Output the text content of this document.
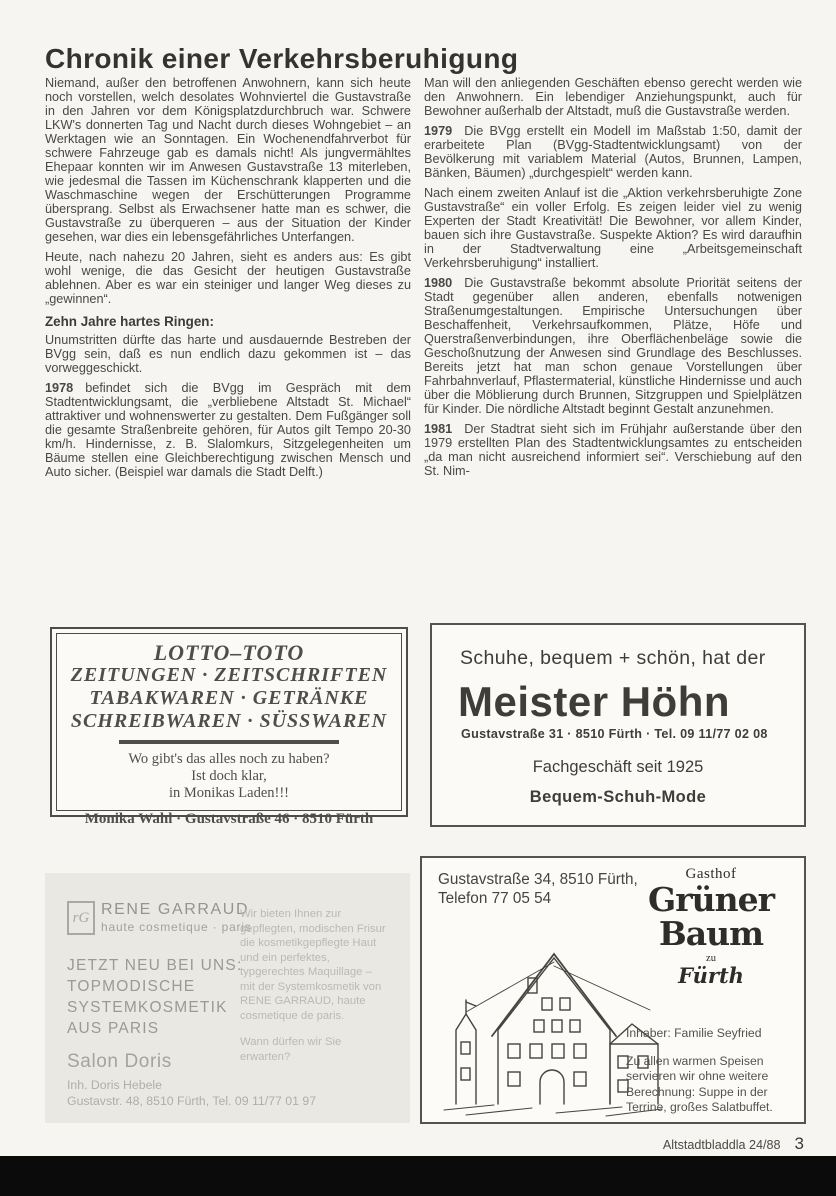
Chronik einer Verkehrsberuhigung

Niemand, außer den betroffenen Anwohnern, kann sich heute noch vorstellen, welch desolates Wohnviertel die Gustavstraße in den Jahren vor dem Königsplatzdurchbruch war. Schwere LKW's donnerten Tag und Nacht durch dieses Wohngebiet – an Werktagen wie an Sonntagen. Ein Wochenendfahrverbot für schwere Fahrzeuge gab es damals nicht! Als jungvermähltes Ehepaar konnten wir im Anwesen Gustavstraße 13 miterleben, wie jedesmal die Tassen im Küchenschrank klapperten und die Waschmaschine wegen der Erschütterungen Programme übersprang. Selbst als Erwachsener hatte man es schwer, die Gustavstraße zu überqueren – aus der Situation der Kinder gesehen, war dies ein lebensgefährliches Unterfangen.

Heute, nach nahezu 20 Jahren, sieht es anders aus: Es gibt wohl wenige, die das Gesicht der heutigen Gustavstraße ablehnen. Aber es war ein steiniger und langer Weg dieses zu „gewinnen“.

Zehn Jahre hartes Ringen:

Unumstritten dürfte das harte und ausdauernde Bestreben der BVgg sein, daß es nun endlich dazu gekommen ist – das vorweggeschickt.

1978 befindet sich die BVgg im Gespräch mit dem Stadtentwicklungsamt, die „verbliebene Altstadt St. Michael“ attraktiver und wohnenswerter zu gestalten. Dem Fußgänger soll die gesamte Straßenbreite gehören, für Autos gilt Tempo 20-30 km/h. Hindernisse, z. B. Slalomkurs, Sitzgelegenheiten um Bäume stellen eine Gleichberechtigung zwischen Mensch und Auto sicher. (Beispiel war damals die Stadt Delft.)

Man will den anliegenden Geschäften ebenso gerecht werden wie den Anwohnern. Ein lebendiger Anziehungspunkt, auch für Bewohner außerhalb der Altstadt, muß die Gustavstraße werden.

1979 Die BVgg erstellt ein Modell im Maßstab 1:50, damit der erarbeitete Plan (BVgg-Stadtentwicklungsamt) von der Bevölkerung mit variablem Material (Autos, Brunnen, Lampen, Bänken, Bäumen) „durchgespielt“ werden kann.

Nach einem zweiten Anlauf ist die „Aktion verkehrsberuhigte Zone Gustavstraße“ ein voller Erfolg. Es zeigen leider viel zu wenig Experten der Stadt Kreativität! Die Bewohner, vor allem Kinder, bauen sich ihre Gustavstraße. Suspekte Aktion? Es wird daraufhin in der Stadtverwaltung eine „Arbeitsgemeinschaft Verkehrsberuhigung“ installiert.

1980 Die Gustavstraße bekommt absolute Priorität seitens der Stadt gegenüber allen anderen, ebenfalls notwenigen Straßenumgestaltungen. Empirische Untersuchungen über Beschaffenheit, Verkehrsaufkommen, Plätze, Höfe und Querstraßenverbindungen, ihre Oberflächenbeläge sowie die Geschoßnutzung der Anwesen sind Grundlage des Beschlusses. Bereits jetzt hat man schon genaue Vorstellungen über Fahrbahnverlauf, Pflastermaterial, künstliche Hindernisse und auch über die Möblierung durch Brunnen, Sitzgruppen und Spielplätzen für Kinder. Die nördliche Altstadt beginnt Gestalt anzunehmen.

1981 Der Stadtrat sieht sich im Frühjahr außerstande über den 1979 erstellten Plan des Stadtentwicklungsamtes zu entscheiden „da man nicht ausreichend informiert sei“. Verschiebung auf den St. Nim-

LOTTO–TOTO
ZEITUNGEN · ZEITSCHRIFTEN
TABAKWAREN · GETRÄNKE
SCHREIBWAREN · SÜSSWAREN
Wo gibt's das alles noch zu haben?
Ist doch klar,
in Monikas Laden!!!
Monika Wahl · Gustavstraße 46 · 8510 Fürth
Schuhe, bequem + schön, hat der
Meister Höhn
Gustavstraße 31 · 8510 Fürth · Tel. 09 11/77 02 08
Fachgeschäft seit 1925
Bequem-Schuh-Mode
rG RENE GARRAUD
haute cosmetique · paris
JETZT NEU BEI UNS:
TOPMODISCHE
SYSTEMKOSMETIK
AUS PARIS

Wir bieten Ihnen zur gepflegten, modischen Frisur die kosmetikgepflegte Haut und ein perfektes, typgerechtes Maquillage – mit der Systemkosmetik von RENE GARRAUD, haute cosmetique de paris.

Wann dürfen wir Sie erwarten?

Salon Doris
Inh. Doris Hebele
Gustavstr. 48, 8510 Fürth, Tel. 09 11/77 01 97
Gustavstraße 34, 8510 Fürth,
Telefon 77 05 54
Gasthof
Grüner
Baum
zu
Fürth
Inhaber: Familie Seyfried
Zu allen warmen Speisen servieren wir ohne weitere Berechnung: Suppe in der Terrine, großes Salatbuffet.
Altstadtbladdla 24/88 3
